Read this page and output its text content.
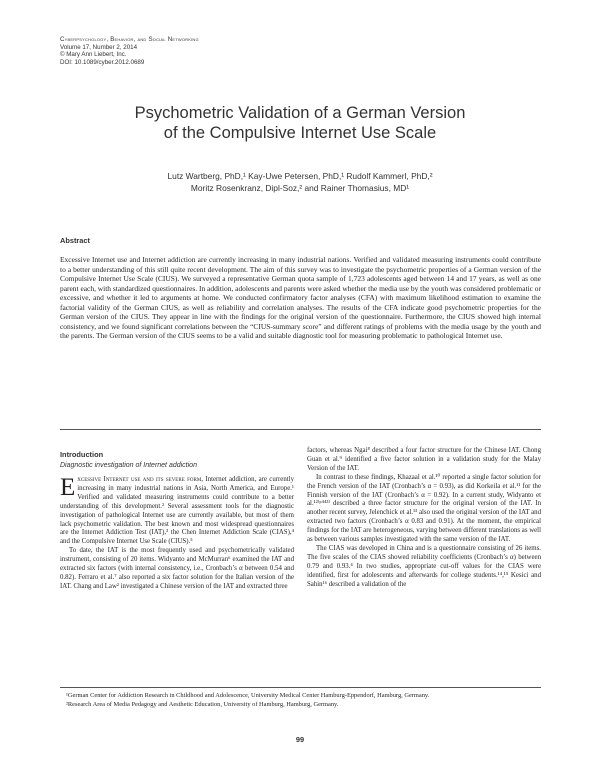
Cyberpsychology, Behavior, and Social Networking
Volume 17, Number 2, 2014
© Mary Ann Liebert, Inc.
DOI: 10.1089/cyber.2012.0689
Psychometric Validation of a German Version
of the Compulsive Internet Use Scale
Lutz Wartberg, PhD,¹ Kay-Uwe Petersen, PhD,¹ Rudolf Kammerl, PhD,²
Moritz Rosenkranz, Dipl-Soz,² and Rainer Thomasius, MD¹
Abstract
Excessive Internet use and Internet addiction are currently increasing in many industrial nations. Verified and validated measuring instruments could contribute to a better understanding of this still quite recent development. The aim of this survey was to investigate the psychometric properties of a German version of the Compulsive Internet Use Scale (CIUS). We surveyed a representative German quota sample of 1,723 adolescents aged between 14 and 17 years, as well as one parent each, with standardized questionnaires. In addition, adolescents and parents were asked whether the media use by the youth was considered problematic or excessive, and whether it led to arguments at home. We conducted confirmatory factor analyses (CFA) with maximum likelihood estimation to examine the factorial validity of the German CIUS, as well as reliability and correlation analyses. The results of the CFA indicate good psychometric properties for the German version of the CIUS. They appear in line with the findings for the original version of the questionnaire. Furthermore, the CIUS showed high internal consistency, and we found significant correlations between the “CIUS-summary score” and different ratings of problems with the media usage by the youth and the parents. The German version of the CIUS seems to be a valid and suitable diagnostic tool for measuring problematic to pathological Internet use.
Introduction
Diagnostic investigation of Internet addiction

Excessive Internet use and its severe form, Internet addiction, are currently increasing in many industrial nations in Asia, North America, and Europe.¹ Verified and validated measuring instruments could contribute to a better understanding of this development.² Several assessment tools for the diagnostic investigation of pathological Internet use are currently available, but most of them lack psychometric validation. The best known and most widespread questionnaires are the Internet Addiction Test (IAT),³ the Chen Internet Addiction Scale (CIAS),⁴ and the Compulsive Internet Use Scale (CIUS).⁵

To date, the IAT is the most frequently used and psychometrically validated instrument, consisting of 20 items. Widyanto and McMurran⁶ examined the IAT and extracted six factors (with internal consistency, i.e., Cronbach’s α between 0.54 and 0.82). Ferraro et al.⁷ also reported a six factor solution for the Italian version of the IAT. Chang and Law² investigated a Chinese version of the IAT and extracted three

factors, whereas Ngai⁸ described a four factor structure for the Chinese IAT. Chong Guan et al.⁹ identified a five factor solution in a validation study for the Malay Version of the IAT.

In contrast to these findings, Khazaal et al.¹⁰ reported a single factor solution for the French version of the IAT (Cronbach’s α = 0.93), as did Korkeila et al.¹¹ for the Finnish version of the IAT (Cronbach’s α = 0.92). In a current study, Widyanto et al.¹²⁽ᵖ⁴⁴³⁾ described a three factor structure for the original version of the IAT. In another recent survey, Jelenchick et al.¹³ also used the original version of the IAT and extracted two factors (Cronbach’s α 0.83 and 0.91). At the moment, the empirical findings for the IAT are heterogeneous, varying between different translations as well as between various samples investigated with the same version of the IAT.

The CIAS was developed in China and is a questionnaire consisting of 26 items. The five scales of the CIAS showed reliability coefficients (Cronbach’s α) between 0.79 and 0.93.⁴ In two studies, appropriate cut-off values for the CIAS were identified, first for adolescents and afterwards for college students.¹⁴,¹⁵ Kesici and Sahin¹⁶ described a validation of the

¹German Center for Addiction Research in Childhood and Adolescence, University Medical Center Hamburg-Eppendorf, Hamburg, Germany.

²Research Area of Media Pedagogy and Aesthetic Education, University of Hamburg, Hamburg, Germany.

99
